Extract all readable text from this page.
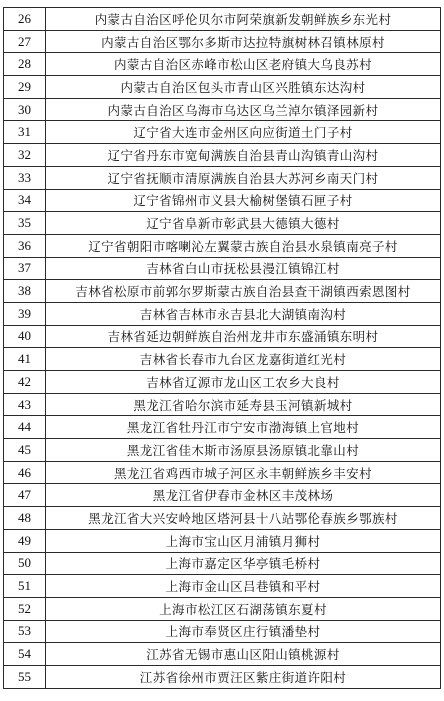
26	内蒙古自治区呼伦贝尔市阿荣旗新发朝鲜族乡东光村
27	内蒙古自治区鄂尔多斯市达拉特旗树林召镇林原村
28	内蒙古自治区赤峰市松山区老府镇大乌良苏村
29	内蒙古自治区包头市青山区兴胜镇东达沟村
30	内蒙古自治区乌海市乌达区乌兰淖尔镇泽园新村
31	辽宁省大连市金州区向应街道土门子村
32	辽宁省丹东市宽甸满族自治县青山沟镇青山沟村
33	辽宁省抚顺市清原满族自治县大苏河乡南天门村
34	辽宁省锦州市义县大榆树堡镇石匣子村
35	辽宁省阜新市彰武县大德镇大德村
36	辽宁省朝阳市喀喇沁左翼蒙古族自治县水泉镇南亮子村
37	吉林省白山市抚松县漫江镇锦江村
38	吉林省松原市前郭尔罗斯蒙古族自治县查干湖镇西索恩图村
39	吉林省吉林市永吉县北大湖镇南沟村
40	吉林省延边朝鲜族自治州龙井市东盛涌镇东明村
41	吉林省长春市九台区龙嘉街道红光村
42	吉林省辽源市龙山区工农乡大良村
43	黑龙江省哈尔滨市延寿县玉河镇新城村
44	黑龙江省牡丹江市宁安市渤海镇上官地村
45	黑龙江省佳木斯市汤原县汤原镇北靠山村
46	黑龙江省鸡西市城子河区永丰朝鲜族乡丰安村
47	黑龙江省伊春市金林区丰茂林场
48	黑龙江省大兴安岭地区塔河县十八站鄂伦春族乡鄂族村
49	上海市宝山区月浦镇月狮村
50	上海市嘉定区华亭镇毛桥村
51	上海市金山区吕巷镇和平村
52	上海市松江区石湖荡镇东夏村
53	上海市奉贤区庄行镇潘垫村
54	江苏省无锡市惠山区阳山镇桃源村
55	江苏省徐州市贾汪区紫庄街道许阳村
